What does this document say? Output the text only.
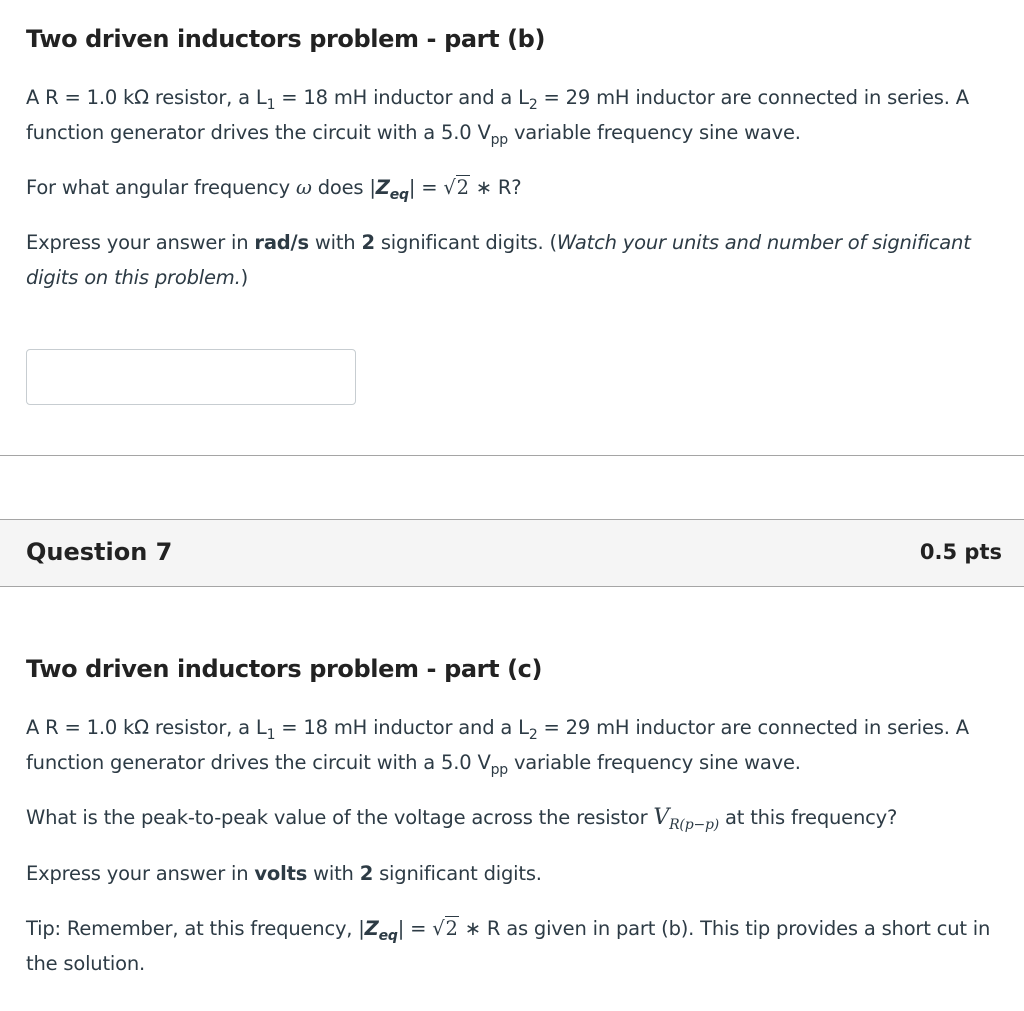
Two driven inductors problem - part (b)
A R = 1.0 kΩ resistor, a $L_1 = 18$ mH inductor and a $L_2 = 29$ mH inductor are connected in series. A function generator drives the circuit with a 5.0 $V_{pp}$ variable frequency sine wave.
For what angular frequency ω does $|Z_{eq}| = √2$ ∗ R?
Express your answer in rad/s with 2 significant digits. (Watch your units and number of significant digits on this problem.)
Question 7	0.5 pts
Two driven inductors problem - part (c)
A R = 1.0 kΩ resistor, a $L_1 = 18$ mH inductor and a $L_2 = 29$ mH inductor are connected in series. A function generator drives the circuit with a 5.0 $V_{pp}$ variable frequency sine wave.
What is the peak-to-peak value of the voltage across the resistor $V_{R(p-p)}$ at this frequency?
Express your answer in volts with 2 significant digits.
Tip: Remember, at this frequency, $|Z_{eq}| = √2$ ∗ R as given in part (b). This tip provides a short cut in the solution.
